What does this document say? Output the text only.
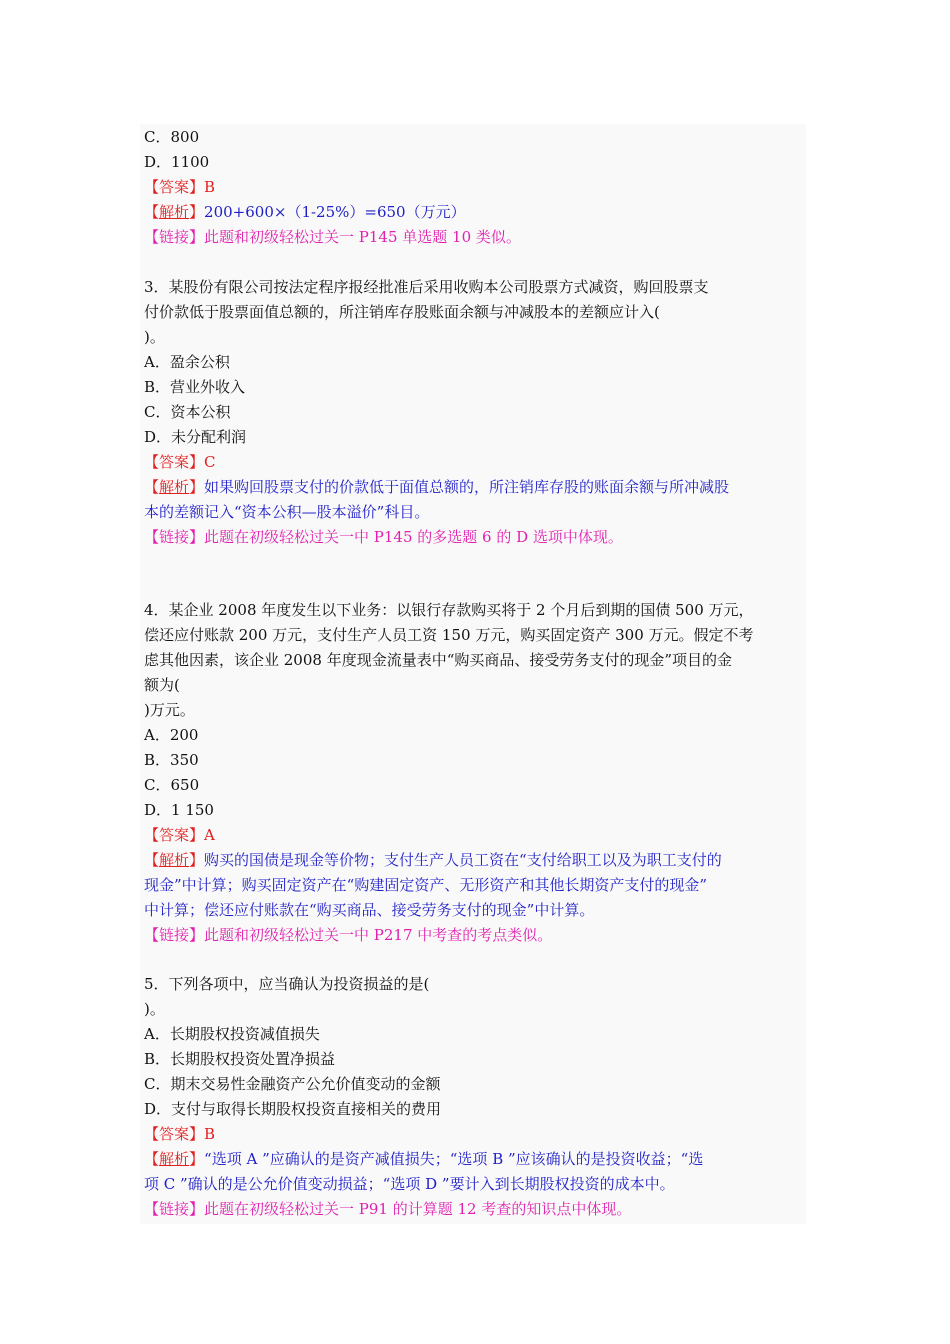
C．800
D．1100
【答案】B
【解析】200+600×（1-25%）=650（万元）
【链接】此题和初级轻松过关一 P145 单选题 10 类似。
3．某股份有限公司按法定程序报经批准后采用收购本公司股票方式减资，购回股票支
付价款低于股票面值总额的，所注销库存股账面余额与冲减股本的差额应计入(
)。
A．盈余公积
B．营业外收入
C．资本公积
D．未分配利润
【答案】C
【解析】如果购回股票支付的价款低于面值总额的，所注销库存股的账面余额与所冲减股
本的差额记入“资本公积—股本溢价”科目。
【链接】此题在初级轻松过关一中 P145 的多选题 6 的 D 选项中体现。
4．某企业 2008 年度发生以下业务：以银行存款购买将于 2 个月后到期的国债 500 万元，
偿还应付账款 200 万元，支付生产人员工资 150 万元，购买固定资产 300 万元。假定不考
虑其他因素，该企业 2008 年度现金流量表中“购买商品、接受劳务支付的现金”项目的金
额为(
)万元。
A．200
B．350
C．650
D．1 150
【答案】A
【解析】购买的国债是现金等价物；支付生产人员工资在“支付给职工以及为职工支付的
现金”中计算；购买固定资产在“购建固定资产、无形资产和其他长期资产支付的现金”
中计算；偿还应付账款在“购买商品、接受劳务支付的现金”中计算。
【链接】此题和初级轻松过关一中 P217 中考查的考点类似。
5．下列各项中，应当确认为投资损益的是(
)。
A．长期股权投资减值损失
B．长期股权投资处置净损益
C．期末交易性金融资产公允价值变动的金额
D．支付与取得长期股权投资直接相关的费用
【答案】B
【解析】“选项 A ”应确认的是资产减值损失；“选项 B ”应该确认的是投资收益；“选
项 C ”确认的是公允价值变动损益；“选项 D ”要计入到长期股权投资的成本中。
【链接】此题在初级轻松过关一 P91 的计算题 12 考查的知识点中体现。
